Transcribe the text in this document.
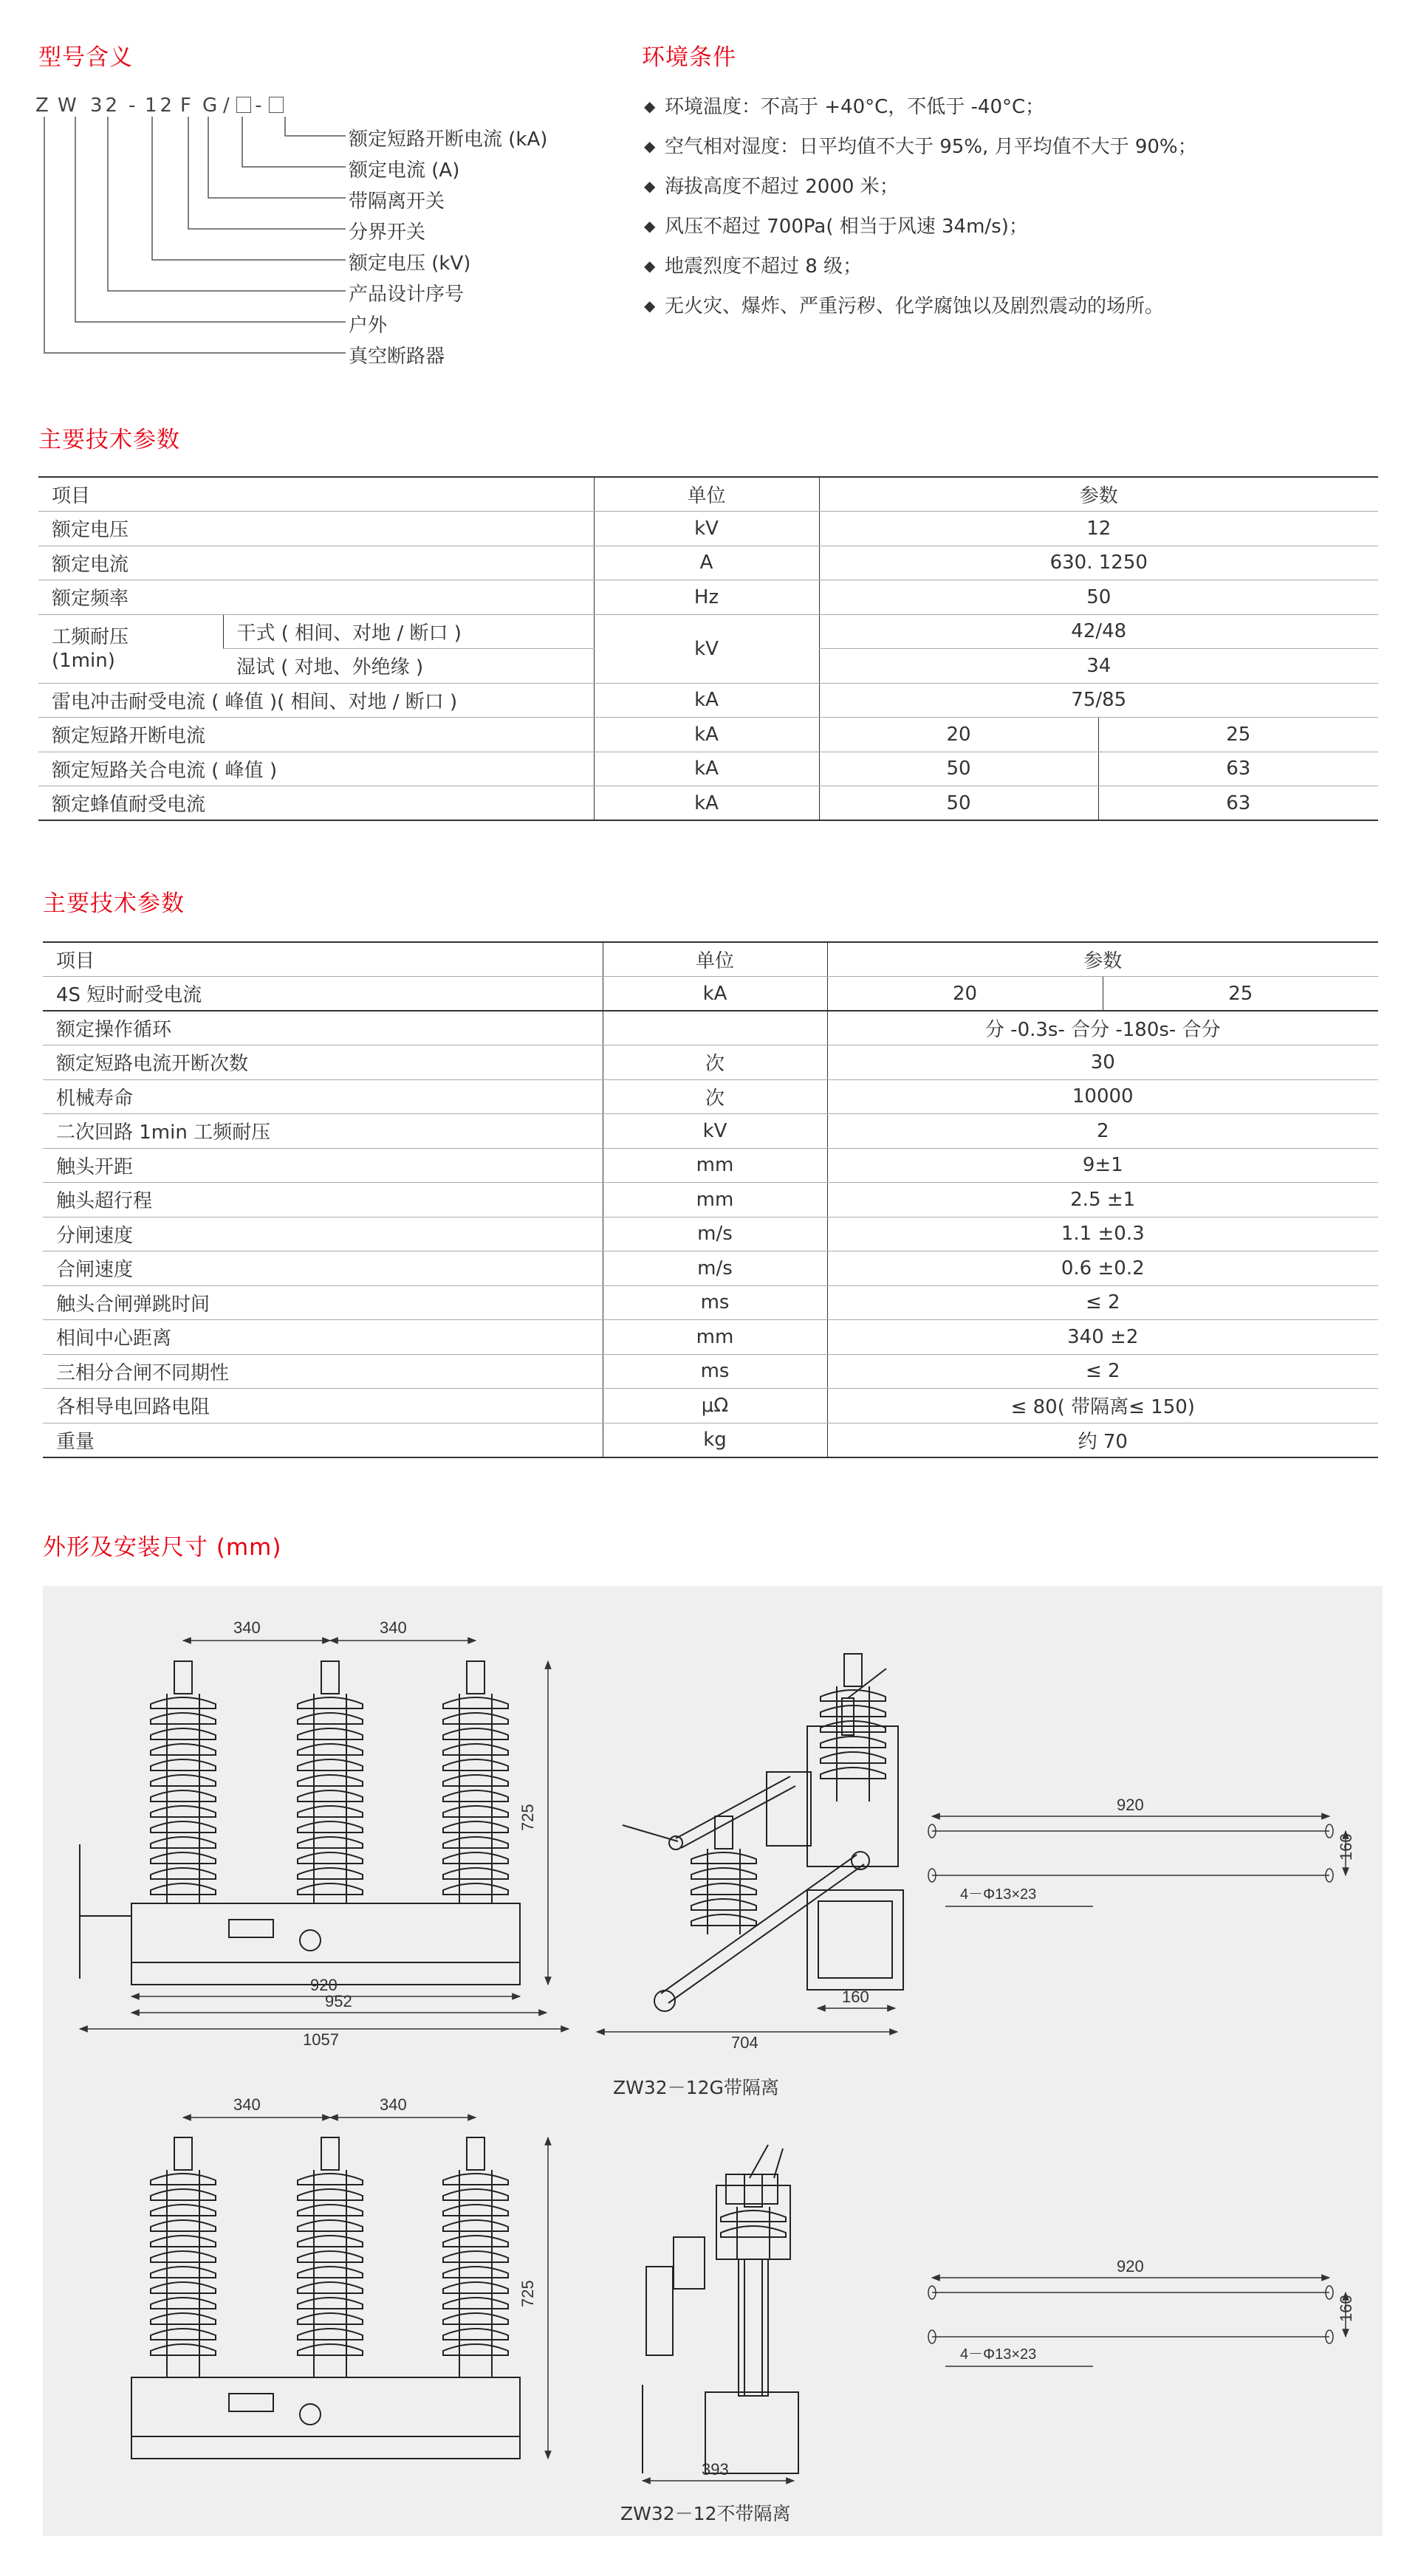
型号含义
Z W 32 - 12 F G / -
额定短路开断电流 (kA)
额定电流 (A)
带隔离开关
分界开关
额定电压 (kV)
产品设计序号
户外
真空断路器
环境条件
◆ 环境温度：不高于 +40°C，不低于 -40°C；
◆ 空气相对湿度：日平均值不大于 95%, 月平均值不大于 90%；
◆ 海拔高度不超过 2000 米；
◆ 风压不超过 700Pa( 相当于风速 34m/s)；
◆ 地震烈度不超过 8 级；
◆ 无火灾、爆炸、严重污秽、化学腐蚀以及剧烈震动的场所。
主要技术参数
项目		单位	参数	
额定电压		kV	12	
额定电流		A	630. 1250	
额定频率		Hz	50	
工频耐压
(1min)	干式 ( 相间、对地 / 断口 )	kV	42/48	
	湿试 ( 对地、外绝缘 )		34	
雷电冲击耐受电流 ( 峰值 )( 相间、对地 / 断口 )		kA	75/85	
额定短路开断电流		kA	20	25
额定短路关合电流 ( 峰值 )		kA	50	63
额定蜂值耐受电流		kA	50	63
主要技术参数
项目	单位	参数	
4S 短时耐受电流	kA	20	25
额定操作循环		分 -0.3s- 合分 -180s- 合分	
额定短路电流开断次数	次	30	
机械寿命	次	10000	
二次回路 1min 工频耐压	kV	2	
触头开距	mm	9±1	
触头超行程	mm	2.5 ±1	
分闸速度	m/s	1.1 ±0.3	
合闸速度	m/s	0.6 ±0.2	
触头合闸弹跳时间	ms	≤ 2	
相间中心距离	mm	340 ±2	
三相分合闸不同期性	ms	≤ 2	
各相导电回路电阻	μΩ	≤ 80( 带隔离≤ 150)	
重量	kg	约 70	
外形及安装尺寸 (mm)
340	340
340	340
920
952
1057	704
160
393
920
920
160
160
725
725
4－Φ13×23
4－Φ13×23
ZW32－12G带隔离
ZW32－12不带隔离
